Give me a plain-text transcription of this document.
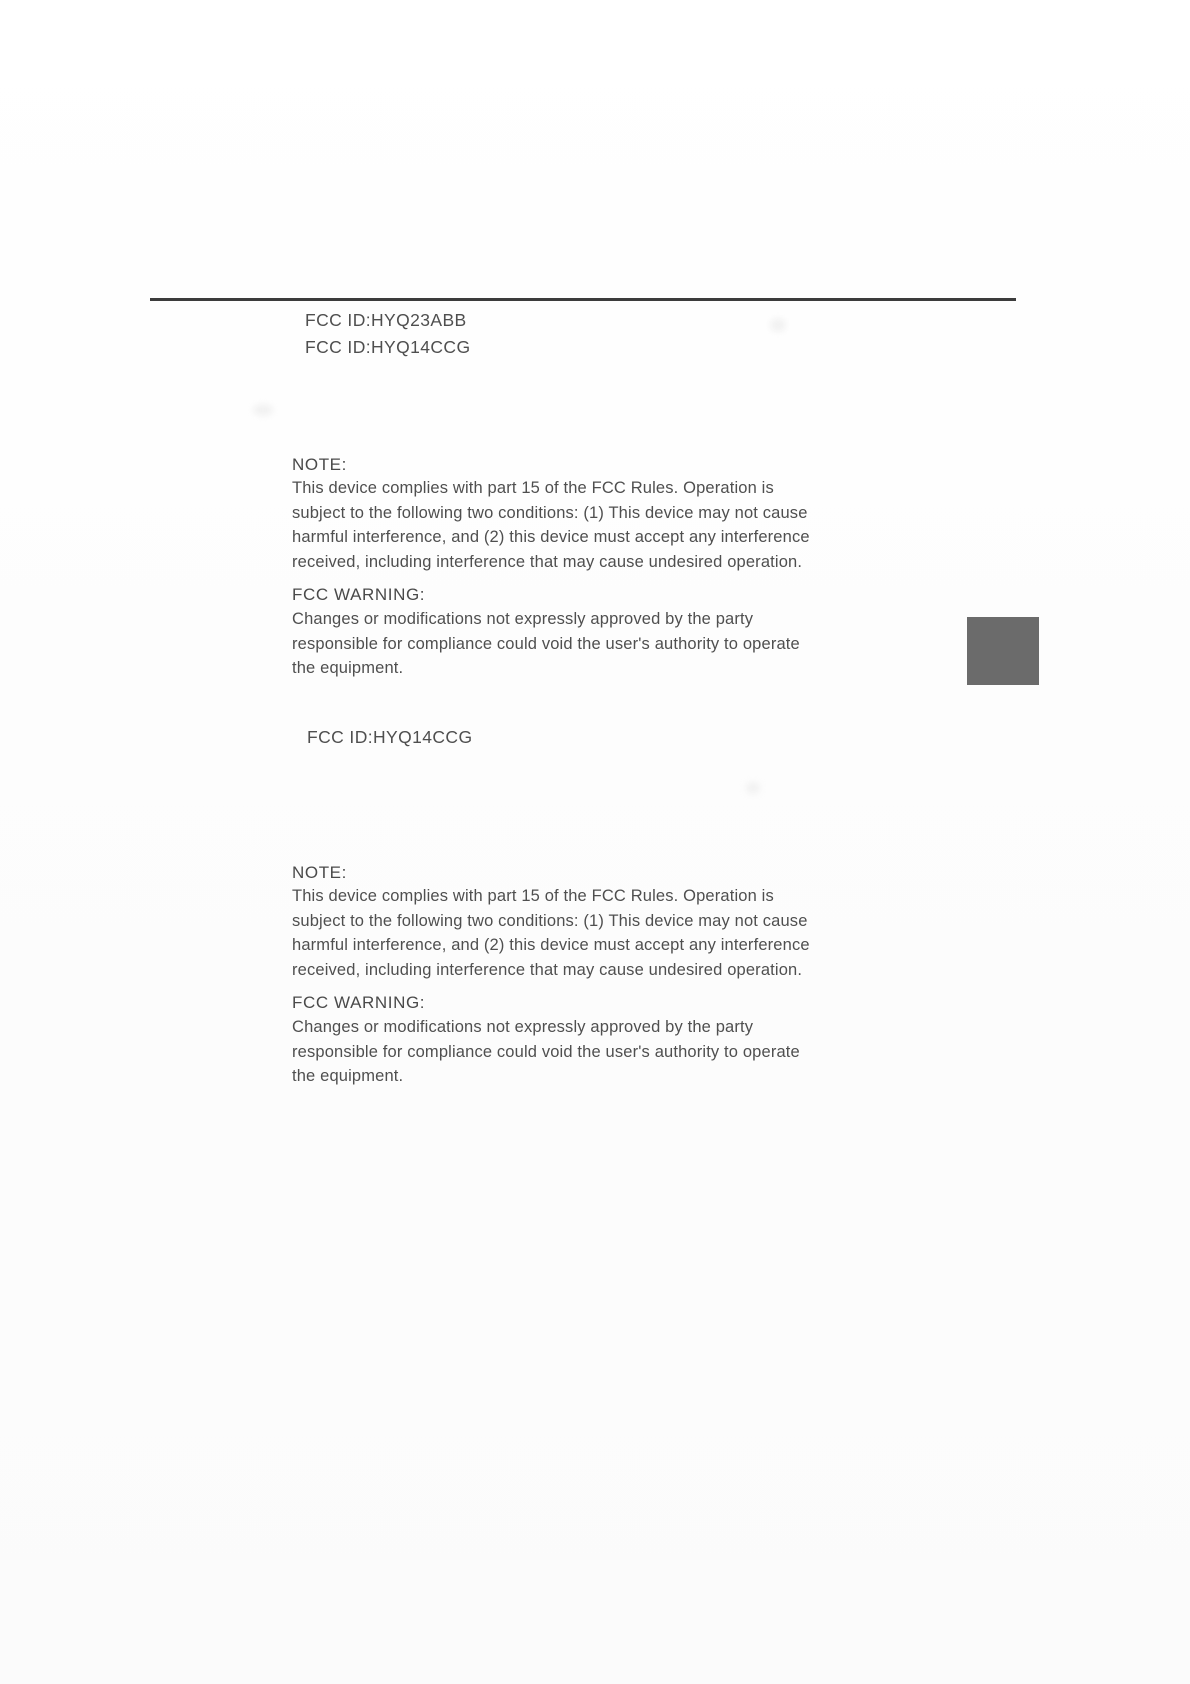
FCC ID:HYQ23ABB
FCC ID:HYQ14CCG
NOTE:
This device complies with part 15 of the FCC Rules. Operation is
subject to the following two conditions: (1) This device may not cause
harmful interference, and (2) this device must accept any interference
received, including interference that may cause undesired operation.
FCC WARNING:
Changes or modifications not expressly approved by the party
responsible for compliance could void the user's authority to operate
the equipment.
FCC ID:HYQ14CCG
NOTE:
This device complies with part 15 of the FCC Rules. Operation is
subject to the following two conditions: (1) This device may not cause
harmful interference, and (2) this device must accept any interference
received, including interference that may cause undesired operation.
FCC WARNING:
Changes or modifications not expressly approved by the party
responsible for compliance could void the user's authority to operate
the equipment.
